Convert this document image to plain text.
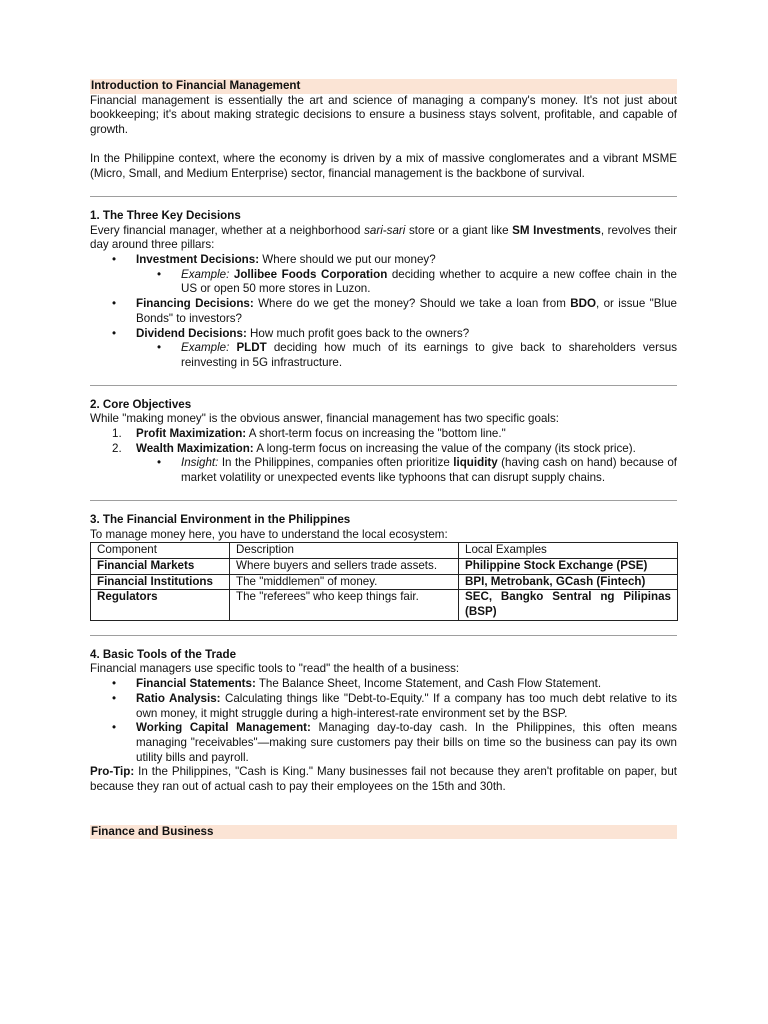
Introduction to Financial Management

Financial management is essentially the art and science of managing a company's money. It's not just about bookkeeping; it's about making strategic decisions to ensure a business stays solvent, profitable, and capable of growth.

In the Philippine context, where the economy is driven by a mix of massive conglomerates and a vibrant MSME (Micro, Small, and Medium Enterprise) sector, financial management is the backbone of survival.

1. The Three Key Decisions

Every financial manager, whether at a neighborhood sari-sari store or a giant like SM Investments, revolves their day around three pillars:

• Investment Decisions: Where should we put our money?
• Example: Jollibee Foods Corporation deciding whether to acquire a new coffee chain in the US or open 50 more stores in Luzon.
• Financing Decisions: Where do we get the money? Should we take a loan from BDO, or issue "Blue Bonds" to investors?
• Dividend Decisions: How much profit goes back to the owners?
• Example: PLDT deciding how much of its earnings to give back to shareholders versus reinvesting in 5G infrastructure.
2. Core Objectives

While "making money" is the obvious answer, financial management has two specific goals:

1. Profit Maximization: A short-term focus on increasing the "bottom line."
2. Wealth Maximization: A long-term focus on increasing the value of the company (its stock price).
• Insight: In the Philippines, companies often prioritize liquidity (having cash on hand) because of market volatility or unexpected events like typhoons that can disrupt supply chains.
3. The Financial Environment in the Philippines

To manage money here, you have to understand the local ecosystem:

Component	Description	Local Examples
Financial Markets	Where buyers and sellers trade assets.	Philippine Stock Exchange (PSE)
Financial Institutions	The "middlemen" of money.	BPI, Metrobank, GCash (Fintech)
Regulators	The "referees" who keep things fair.	SEC, Bangko Sentral ng Pilipinas (BSP)
4. Basic Tools of the Trade

Financial managers use specific tools to "read" the health of a business:

• Financial Statements: The Balance Sheet, Income Statement, and Cash Flow Statement.
• Ratio Analysis: Calculating things like "Debt-to-Equity." If a company has too much debt relative to its own money, it might struggle during a high-interest-rate environment set by the BSP.
• Working Capital Management: Managing day-to-day cash. In the Philippines, this often means managing "receivables"—making sure customers pay their bills on time so the business can pay its own utility bills and payroll.

Pro-Tip: In the Philippines, "Cash is King." Many businesses fail not because they aren't profitable on paper, but because they ran out of actual cash to pay their employees on the 15th and 30th.

Finance and Business
